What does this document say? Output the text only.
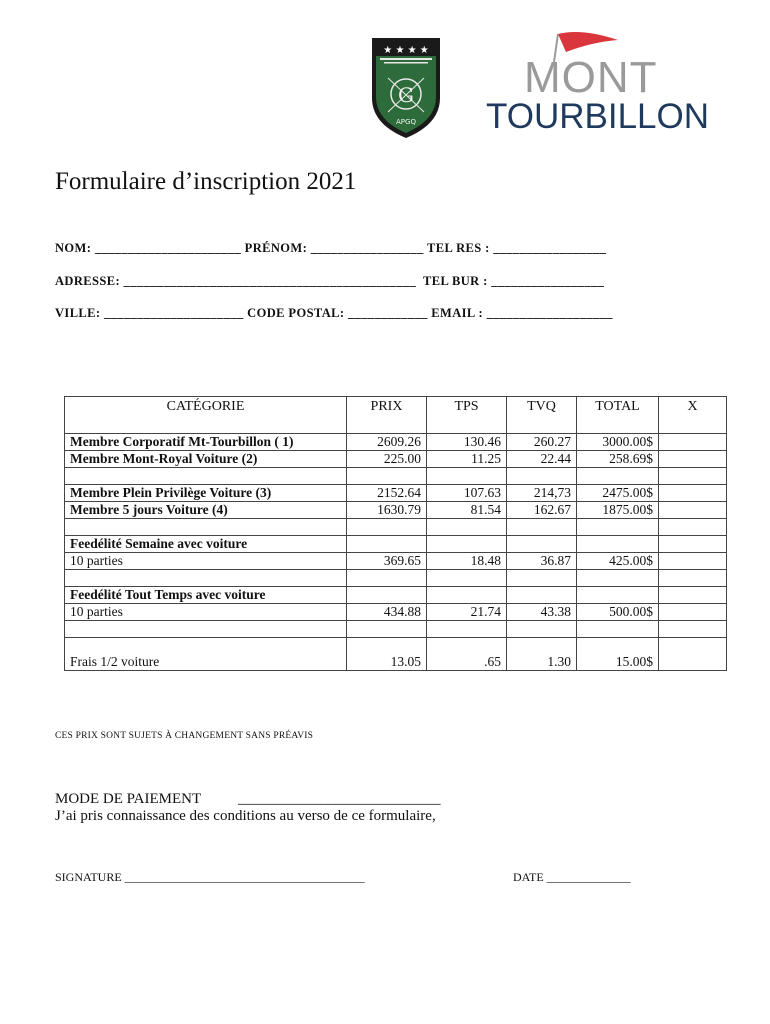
★ ★ ★ ★
G
APGQ
MONT
TOURBILLON
Formulaire d’inscription 2021
NOM: ______________________ PRÉNOM: _________________ TEL RES : _________________
ADRESSE: ____________________________________________  TEL BUR : _________________
VILLE: _____________________ CODE POSTAL: ____________ EMAIL : ___________________
CATÉGORIE	PRIX	TPS	TVQ	TOTAL	X
Membre Corporatif Mt-Tourbillon ( 1)	2609.26	130.46	260.27	3000.00$	
Membre Mont-Royal Voiture (2)	225.00	11.25	22.44	258.69$	

Membre Plein Privilège Voiture (3)	2152.64	107.63	214,73	2475.00$	
Membre 5 jours Voiture (4)	1630.79	81.54	162.67	1875.00$	

Feedélité Semaine avec voiture					
10 parties	369.65	18.48	36.87	425.00$	

Feedélité Tout Temps avec voiture					
10 parties	434.88	21.74	43.38	500.00$	

Frais 1/2 voiture	13.05	.65	1.30	15.00$	
CES PRIX SONT SUJETS À CHANGEMENT SANS PRÉAVIS
MODE DE PAIEMENT ___________________________
J’ai pris connaissance des conditions au verso de ce formulaire,
SIGNATURE ________________________________________	DATE ______________
